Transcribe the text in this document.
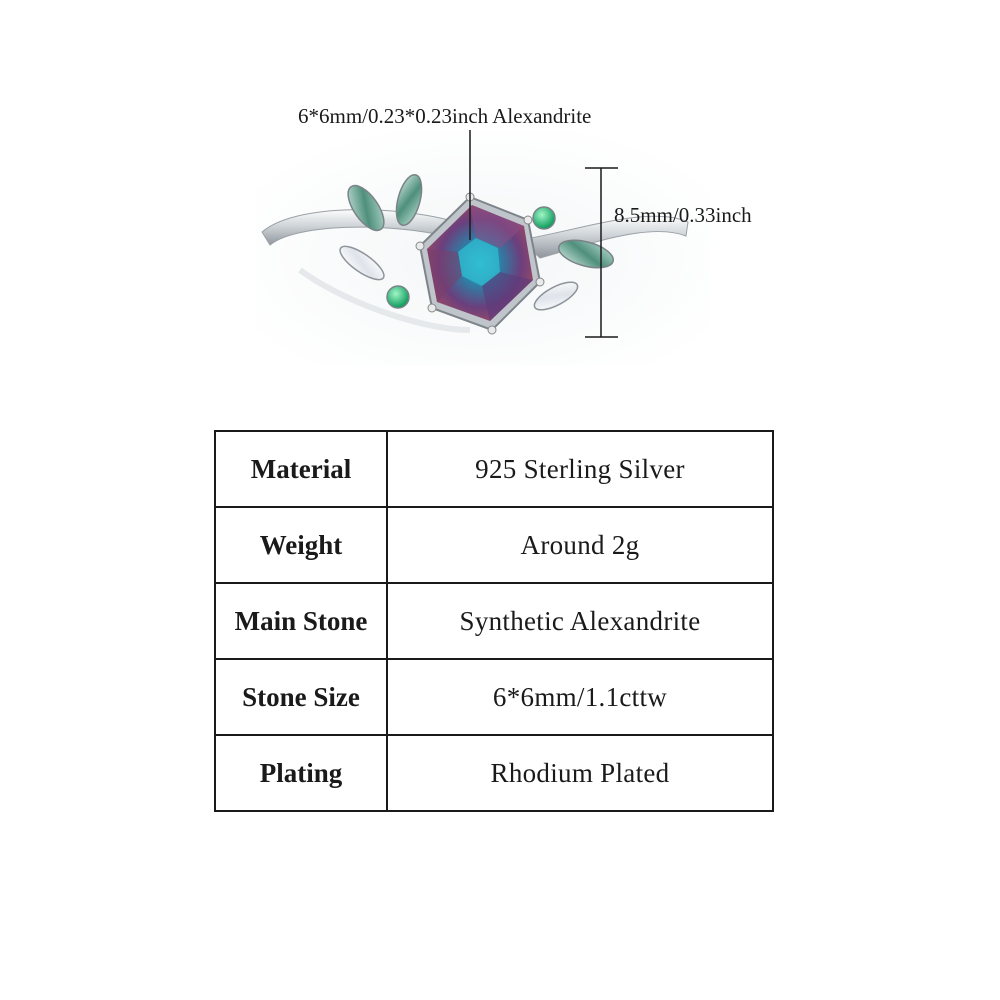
6*6mm/0.23*0.23inch Alexandrite
8.5mm/0.33inch
Material	925 Sterling Silver
Weight	Around 2g
Main Stone	Synthetic Alexandrite
Stone Size	6*6mm/1.1cttw
Plating	Rhodium Plated
